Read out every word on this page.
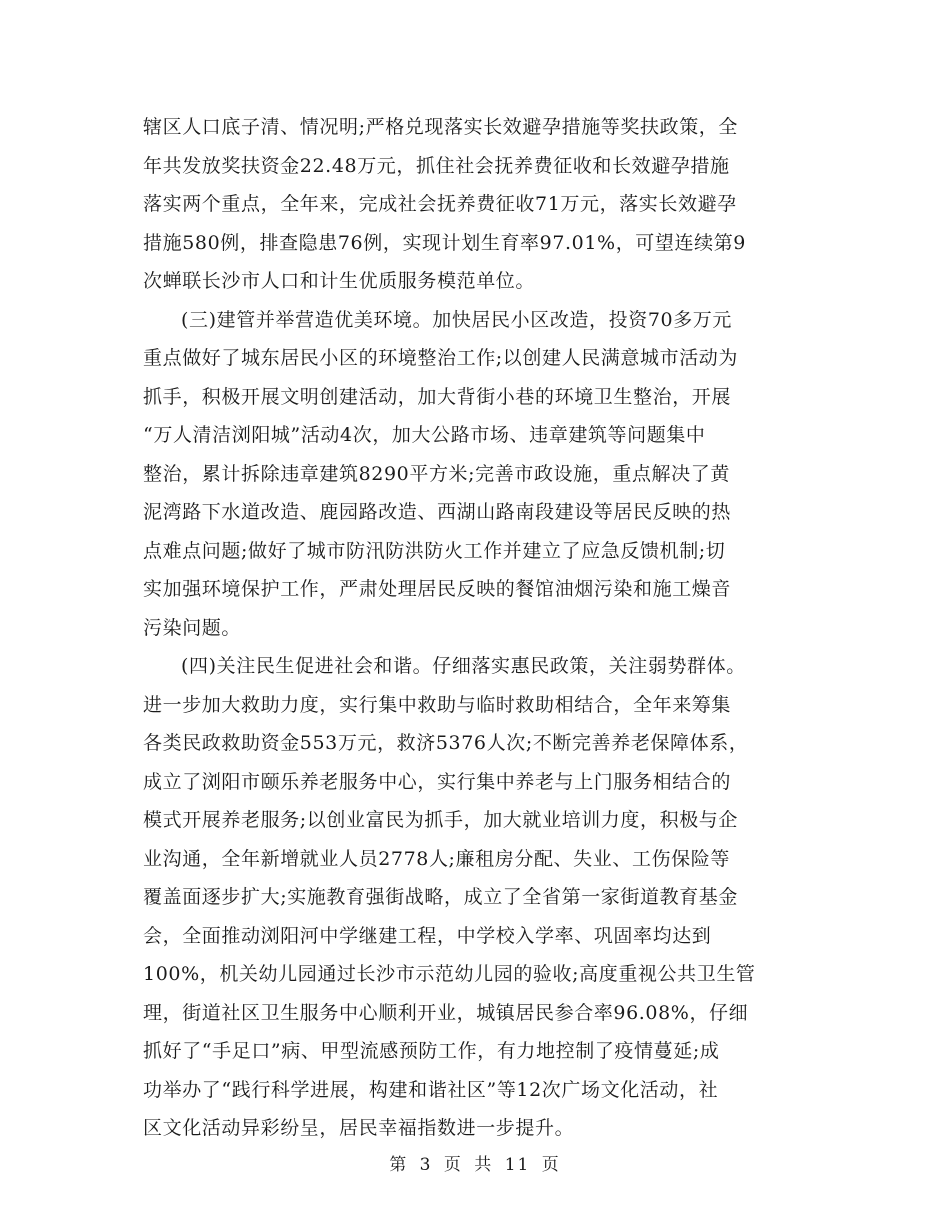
辖区人口底子清、情况明;严格兑现落实长效避孕措施等奖扶政策，全
年共发放奖扶资金22.48万元，抓住社会抚养费征收和长效避孕措施
落实两个重点，全年来，完成社会抚养费征收71万元，落实长效避孕
措施580例，排查隐患76例，实现计划生育率97.01%，可望连续第9
次蝉联长沙市人口和计生优质服务模范单位。
(三)建管并举营造优美环境。加快居民小区改造，投资70多万元
重点做好了城东居民小区的环境整治工作;以创建人民满意城市活动为
抓手，积极开展文明创建活动，加大背街小巷的环境卫生整治，开展
“万人清洁浏阳城”活动4次，加大公路市场、违章建筑等问题集中
整治，累计拆除违章建筑8290平方米;完善市政设施，重点解决了黄
泥湾路下水道改造、鹿园路改造、西湖山路南段建设等居民反映的热
点难点问题;做好了城市防汛防洪防火工作并建立了应急反馈机制;切
实加强环境保护工作，严肃处理居民反映的餐馆油烟污染和施工燥音
污染问题。
(四)关注民生促进社会和谐。仔细落实惠民政策，关注弱势群体。
进一步加大救助力度，实行集中救助与临时救助相结合，全年来筹集
各类民政救助资金553万元，救济5376人次;不断完善养老保障体系，
成立了浏阳市颐乐养老服务中心，实行集中养老与上门服务相结合的
模式开展养老服务;以创业富民为抓手，加大就业培训力度，积极与企
业沟通，全年新增就业人员2778人;廉租房分配、失业、工伤保险等
覆盖面逐步扩大;实施教育强街战略，成立了全省第一家街道教育基金
会，全面推动浏阳河中学继建工程，中学校入学率、巩固率均达到
100%，机关幼儿园通过长沙市示范幼儿园的验收;高度重视公共卫生管
理，街道社区卫生服务中心顺利开业，城镇居民参合率96.08%，仔细
抓好了“手足口”病、甲型流感预防工作，有力地控制了疫情蔓延;成
功举办了“践行科学进展，构建和谐社区”等12次广场文化活动，社
区文化活动异彩纷呈，居民幸福指数进一步提升。
第 3 页 共 11 页
